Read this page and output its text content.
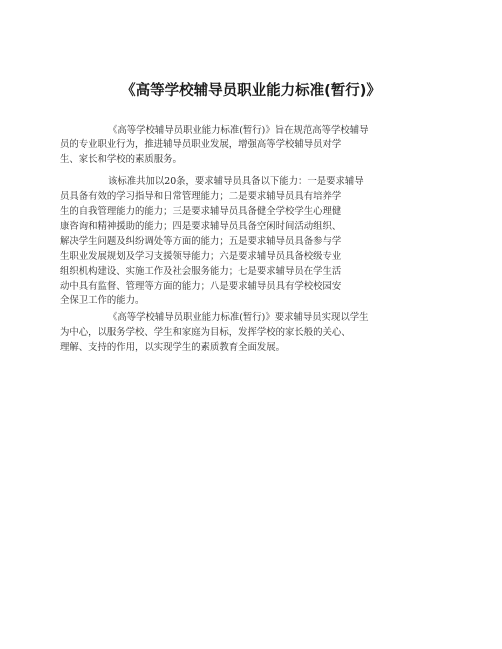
《高等学校辅导员职业能力标准(暂行)》
《高等学校辅导员职业能力标准(暂行)》旨在规范高等学校辅导
员的专业职业行为，推进辅导员职业发展，增强高等学校辅导员对学
生、家长和学校的素质服务。
该标准共加以20条，要求辅导员具备以下能力：一是要求辅导
员具备有效的学习指导和日常管理能力；二是要求辅导员具有培养学
生的自我管理能力的能力；三是要求辅导员具备健全学校学生心理健
康咨询和精神援助的能力；四是要求辅导员具备空闲时间活动组织、
解决学生问题及纠纷调处等方面的能力；五是要求辅导员具备参与学
生职业发展规划及学习支援领导能力；六是要求辅导员具备校级专业
组织机构建设、实施工作及社会服务能力；七是要求辅导员在学生活
动中具有监督、管理等方面的能力；八是要求辅导员具有学校校园安
全保卫工作的能力。
《高等学校辅导员职业能力标准(暂行)》要求辅导员实现以学生
为中心，以服务学校、学生和家庭为目标，发挥学校的家长般的关心、
理解、支持的作用，以实现学生的素质教育全面发展。
